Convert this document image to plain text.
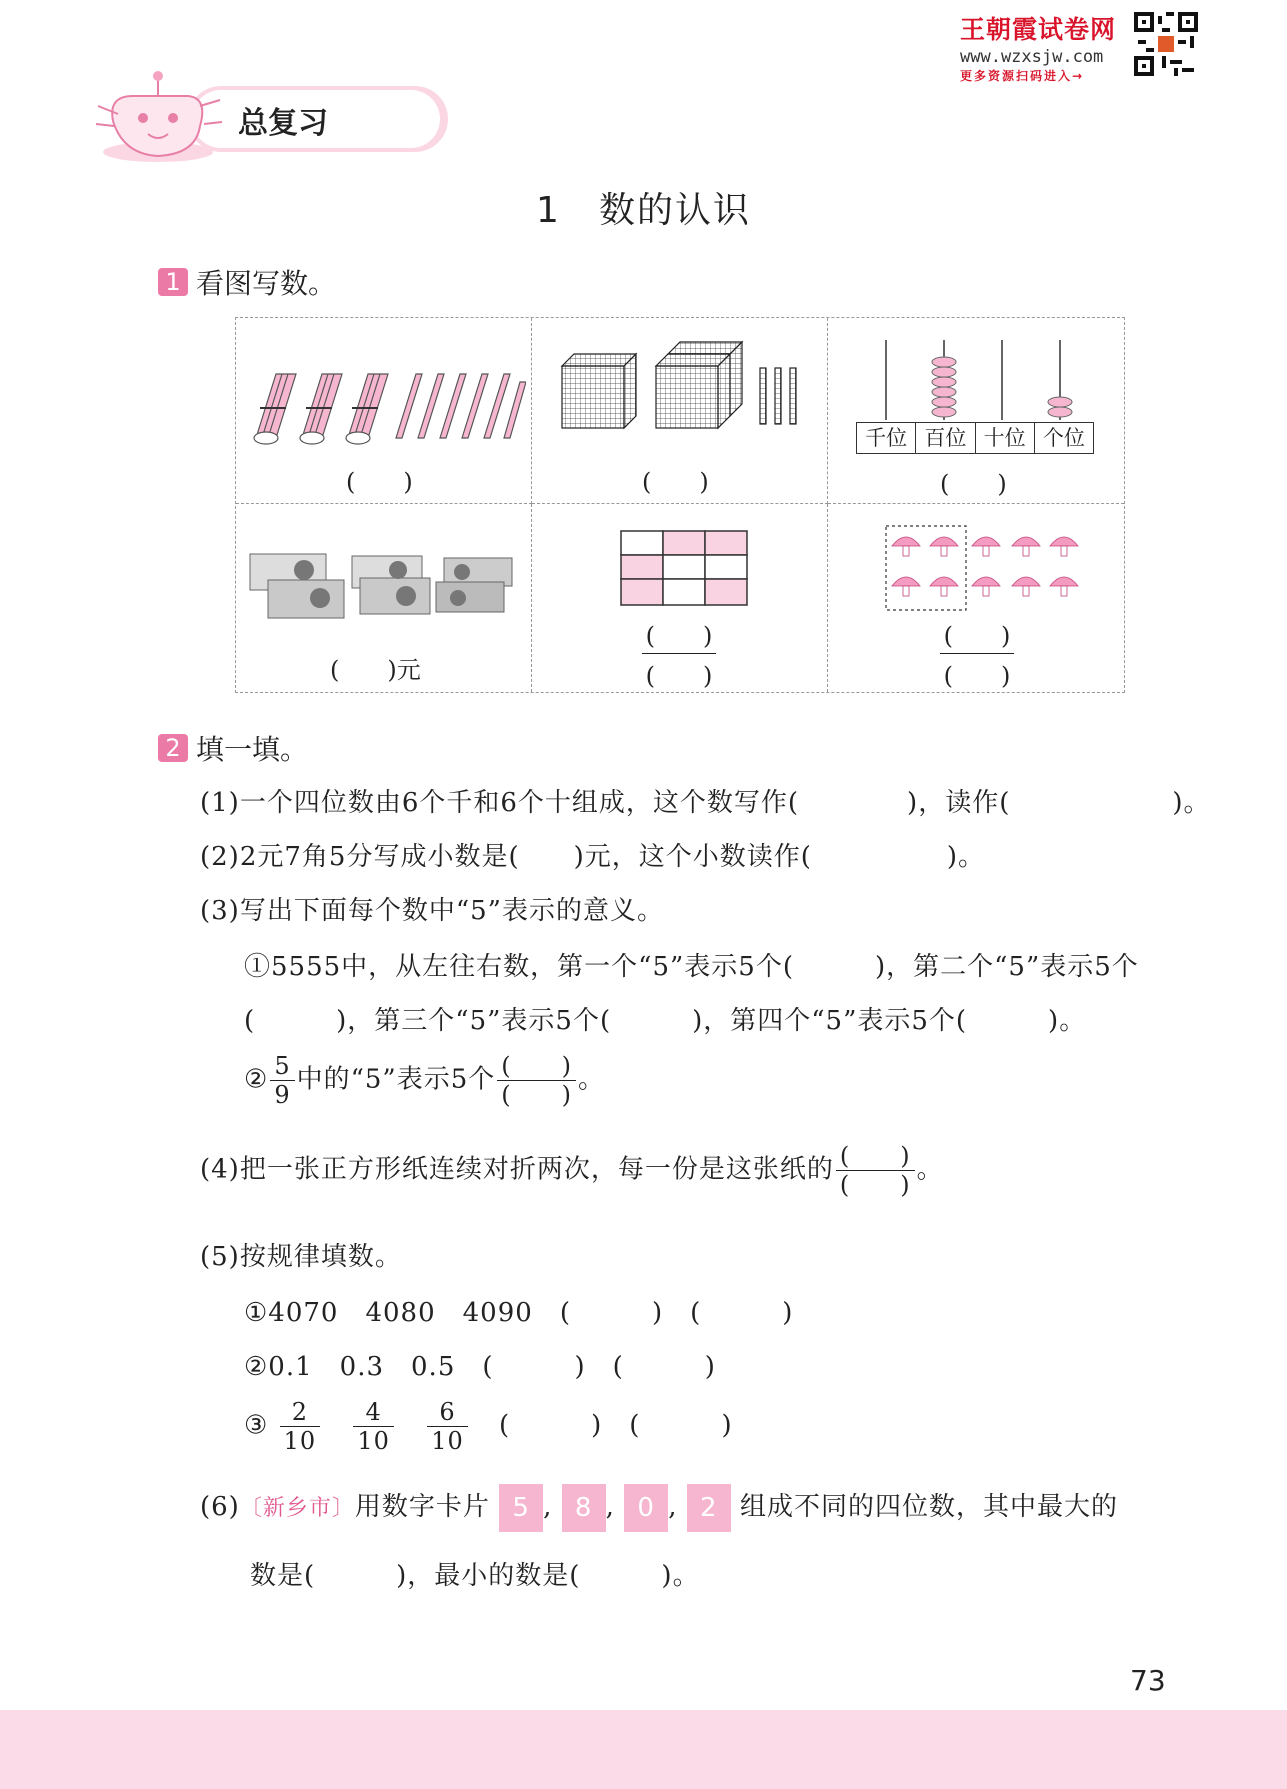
王朝霞试卷网
www.wzxsjw.com
更多资源扫码进入→
总复习
1　数的认识
1 看图写数。
(　　)	(　　)
千位 百位 十位 个位
(　　)
(　　)元
(　　)
(　　)
(　　)
(　　)
2 填一填。
(1)一个四位数由6个千和6个十组成，这个数写作(　　　　)，读作(　　　　　　)。
(2)2元7角5分写成小数是(　　)元，这个小数读作(　　　　　)。
(3)写出下面每个数中“5”表示的意义。
①5555中，从左往右数，第一个“5”表示5个(　　　)，第二个“5”表示5个
(　　　)，第三个“5”表示5个(　　　)，第四个“5”表示5个(　　　)。
② $\frac{5}{9}$ 中的“5”表示5个 $\frac{( )}{( )}$ 。
(4)把一张正方形纸连续对折两次，每一份是这张纸的 $\frac{( )}{( )}$ 。
(5)按规律填数。
①4070　4080　4090　(　　　)　(　　　)
②0.1　0.3　0.5　(　　　)　(　　　)
③ $\frac{2}{10}$
$\frac{4}{10}$
$\frac{6}{10}$ (　　　)　(　　　)
(6)〔新乡市〕用数字卡片 5 , 8 , 0 , 2 组成不同的四位数，其中最大的
数是(　　　)，最小的数是(　　　)。
73
